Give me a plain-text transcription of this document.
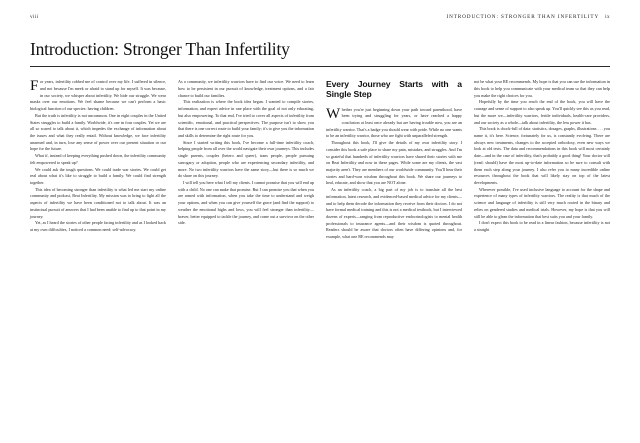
viii	INTRODUCTION: STRONGER THAN INFERTILITY ix
Introduction: Stronger Than Infertility

For years, infertility robbed me of control over my life. I suffered in silence, and not because I'm meek or afraid to stand up for myself. It was because, in our society, we whisper about infertility. We hide our struggle. We wear masks over our emotions. We feel shame because we can't perform a basic biological function of our species: having children.

But the truth is infertility is not uncommon. One in eight couples in the United States struggles to build a family. Worldwide, it's one in four couples. Yet we are all so scared to talk about it, which impedes the exchange of information about the issues and what they really entail. Without knowledge, we face infertility unarmed and, in turn, lose any sense of power over our present situation or our hope for the future.

What if, instead of keeping everything pushed down, the infertility community felt empowered to speak up?

We could ask the tough questions. We could trade war stories. We could get real about what it's like to struggle to build a family. We could find strength together.

This idea of becoming stronger than infertility is what led me start my online community and podcast, Beat Infertility. My mission was to bring to light all the aspects of infertility we have been conditioned not to talk about. It was an instinctual pursuit of answers that I had been unable to find up to that point in my journey.

Yet, as I heard the stories of other people facing infertility and as I looked back at my own difficulties, I noticed a common need: self-advocacy.

As a community, we infertility warriors have to find our voice. We need to learn how to be persistent in our pursuit of knowledge, treatment options, and a fair chance to build our families.

This realization is where the book idea began. I wanted to compile stories, information, and expert advice in one place with the goal of not only educating, but also empowering. To that end, I've tried to cover all aspects of infertility from scientific, emotional, and practical perspectives. The purpose isn't to show you that there is one correct route to build your family; it's to give you the information and skills to determine the right route for you.

Since I started writing this book, I've become a full-time infertility coach, helping people from all over the world navigate their own journeys. This includes single parents, couples (hetero and queer), trans people, people pursuing surrogacy or adoption, people who are experiencing secondary infertility, and more. No two infertility warriors have the same story—but there is so much we do share on this journey.

I will tell you here what I tell my clients. I cannot promise that you will end up with a child. No one can make that promise. But I can promise you that when you are armed with information, when you take the time to understand and weigh your options, and when you can give yourself the grace (and find the support) to weather the emotional highs and lows, you will feel stronger than infertility—braver, better equipped to tackle the journey, and come out a survivor on the other side.

Every Journey Starts with a Single Step

Whether you're just beginning down your path toward parenthood, have been trying and struggling for years, or have reached a happy conclusion at least once already but are having trouble now, you are an infertility warrior. That's a badge you should wear with pride. While no one wants to be an infertility warrior, those who are fight with unparalleled strength.

Throughout this book, I'll give the details of my own infertility story. I consider this book a safe place to share my pain, mistakes, and struggles. And I'm so grateful that hundreds of infertility warriors have shared their stories with me on Beat Infertility and now in these pages. While some are my clients, the vast majority aren't. They are members of our worldwide community. You'll hear their stories and hard-won wisdom throughout this book. We share our journeys to heal, educate, and show that you are NOT alone.

As an infertility coach, a big part of my job is to translate all the best information, latest research, and evidenced-based medical advice for my clients—and to help them decode the information they receive from their doctors. I do not have formal medical training and this is not a medical textbook, but I interviewed dozens of experts—ranging from reproductive endocrinologists to mental health professionals to insurance agents—and their wisdom is quoted throughout. Readers should be aware that doctors often have differing opinions and, for example, what one RE recommends may

not be what your RE recommends. My hope is that you can use the information in this book to help you communicate with your medical team so that they can help you make the right choices for you.

Hopefully by the time you reach the end of the book, you will have the courage and sense of support to also speak up. You'll quickly see this as you read, but the more we—infertility warriors, fertile individuals, health-care providers, and our society as a whole—talk about infertility, the less power it has.

This book is chock-full of data: statistics, dosages, graphs, illustrations . . . you name it, it's here. Science, fortunately for us, is constantly evolving. There are always new treatments, changes to the accepted orthodoxy, even new ways we look at old tests. The data and recommendations in this book will most certainly date—and in the case of infertility, that's probably a good thing! Your doctor will (read: should) have the most up-to-date information so be sure to consult with them each step along your journey. I also refer you to many incredible online resources throughout the book that will likely stay on top of the latest developments.

Wherever possible, I've used inclusive language to account for the shape and experience of many types of infertility warriors. The reality is that much of the science and language of infertility is still very much rooted in the binary and relies on gendered studies and medical trials. However, my hope is that you will still be able to glean the information that best suits you and your family.

I don't expect this book to be read in a linear fashion, because infertility is not a straight
